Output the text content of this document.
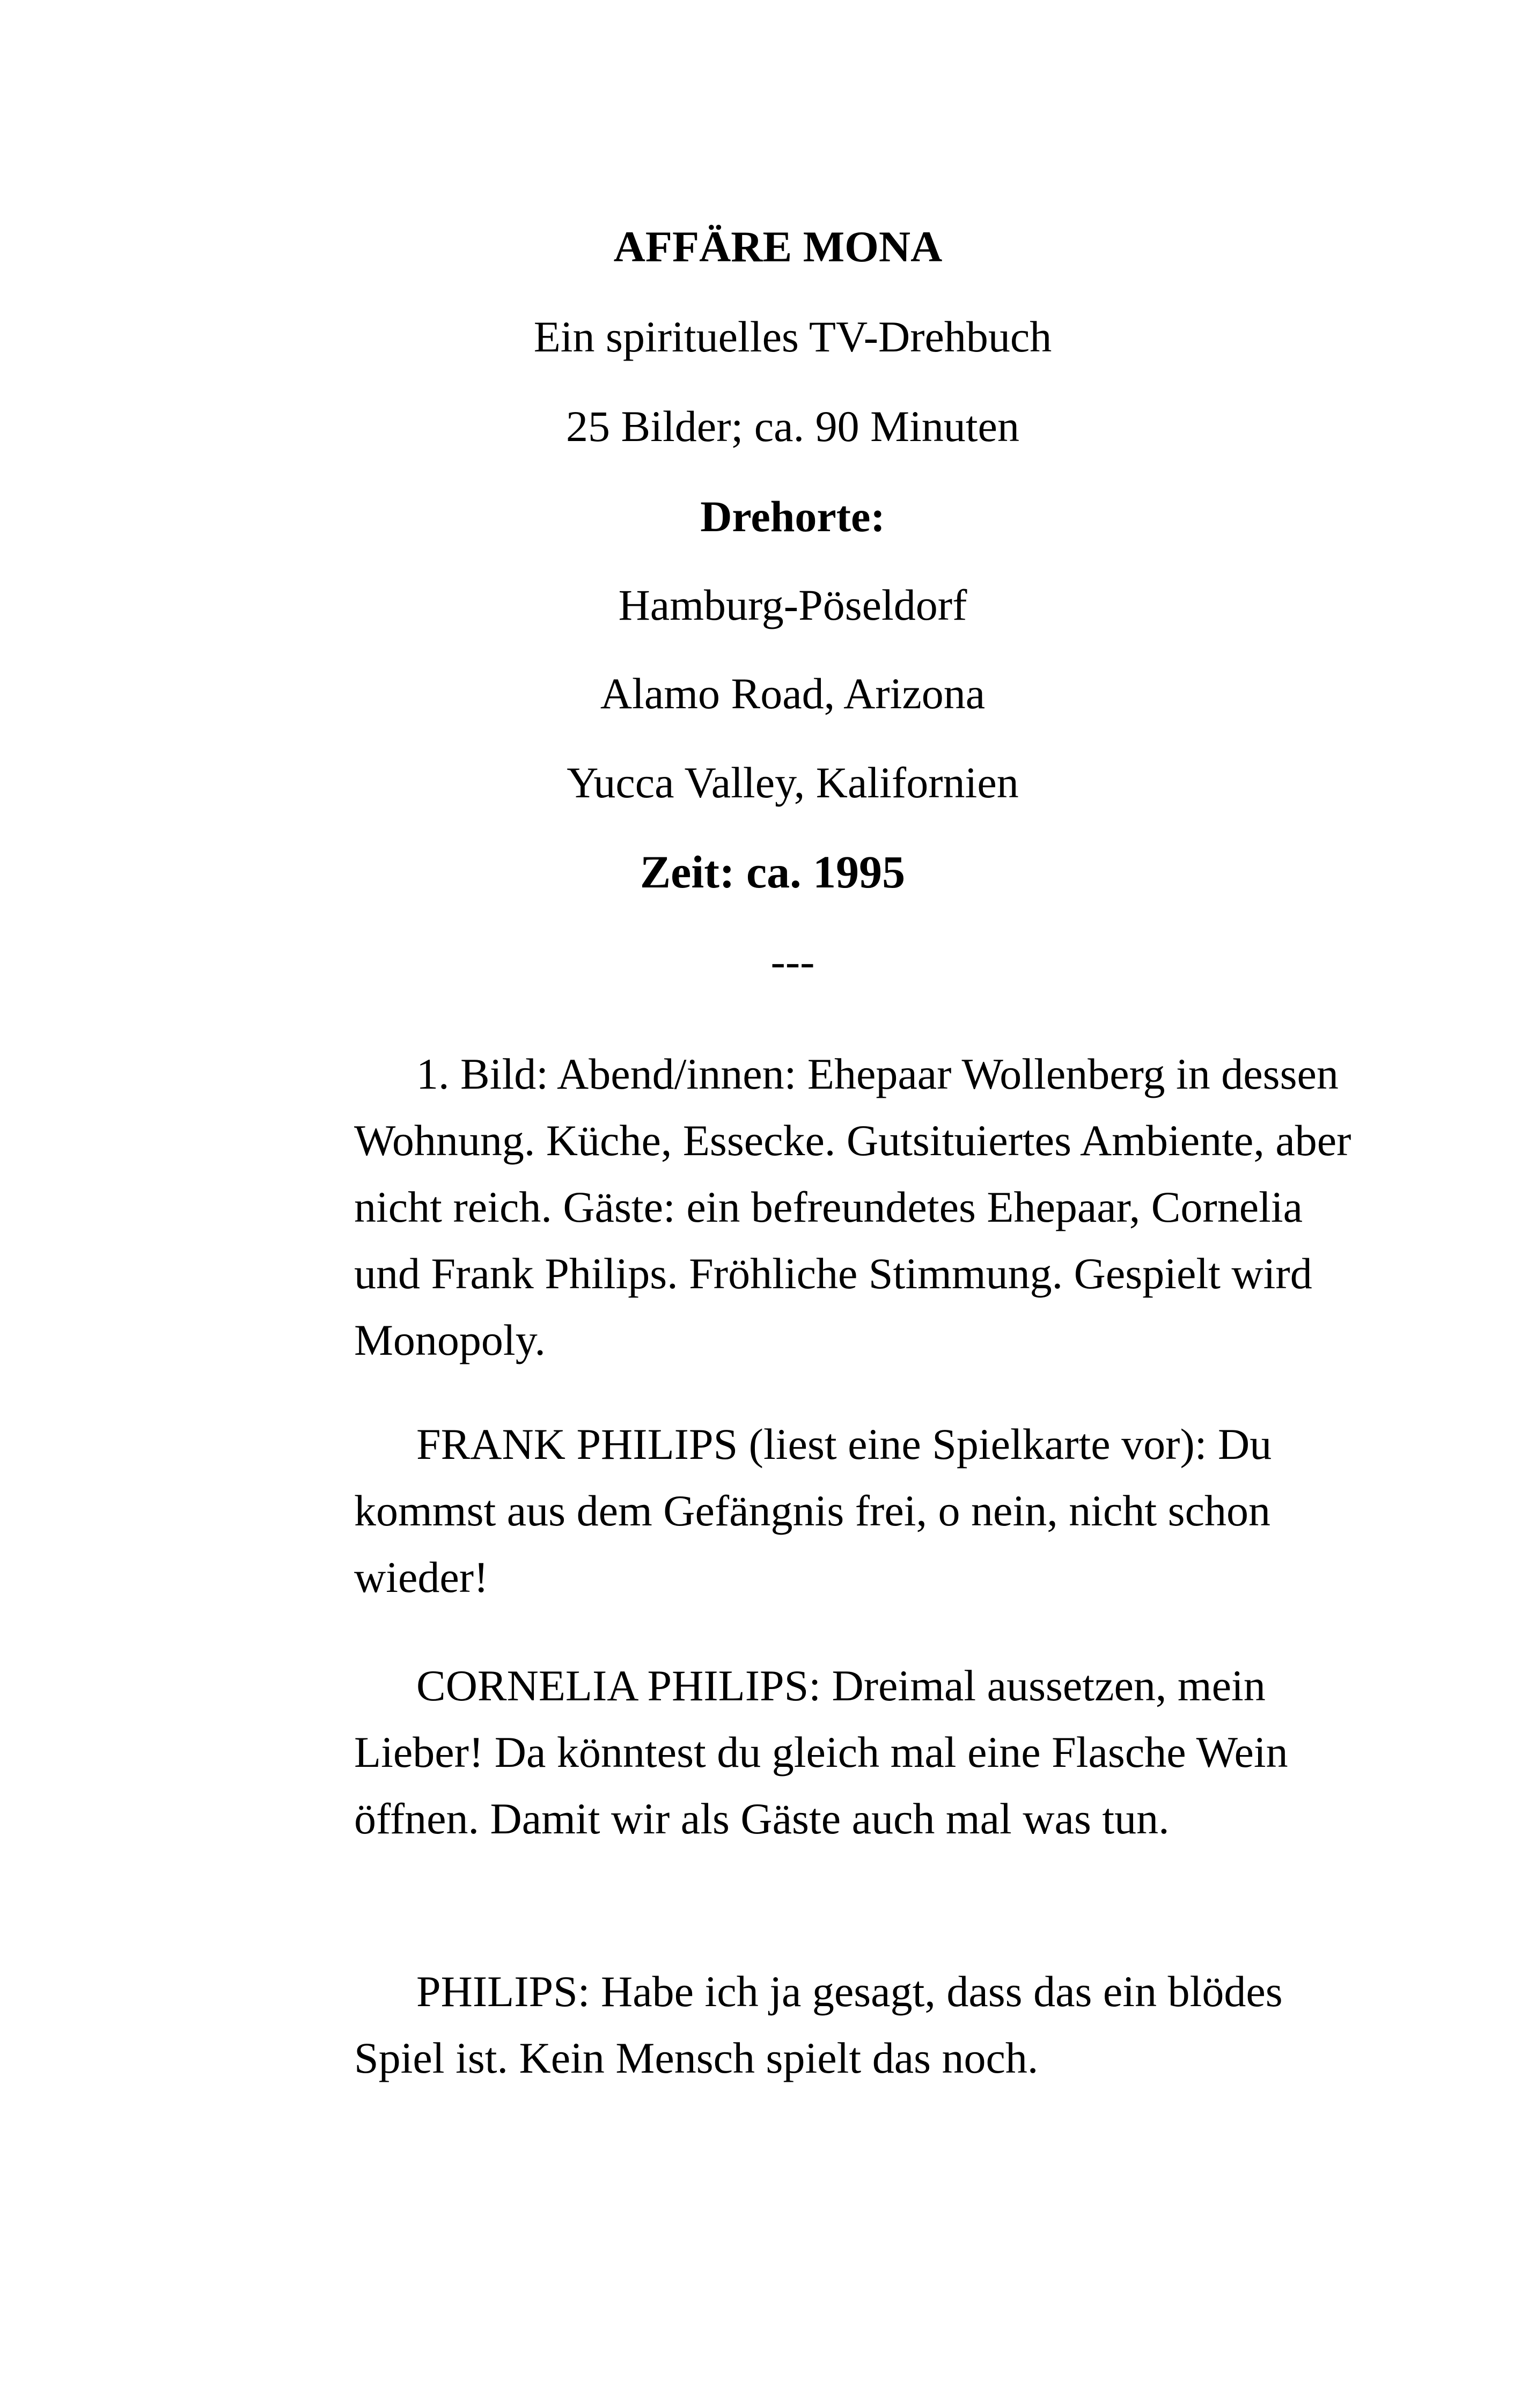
AFFÄRE MONA
Ein spirituelles TV-Drehbuch
25 Bilder; ca. 90 Minuten
Drehorte:
Hamburg-Pöseldorf
Alamo Road, Arizona
Yucca Valley, Kalifornien
Zeit: ca. 1995
---

1. Bild: Abend/innen: Ehepaar Wollenberg in dessen Wohnung. Küche, Essecke. Gutsituiertes Ambiente, aber nicht reich. Gäste: ein befreundetes Ehepaar, Cornelia und Frank Philips. Fröhliche Stimmung. Gespielt wird Monopoly.

FRANK PHILIPS (liest eine Spielkarte vor): Du kommst aus dem Gefängnis frei, o nein, nicht schon wieder!

CORNELIA PHILIPS: Dreimal aussetzen, mein Lieber! Da könntest du gleich mal eine Flasche Wein öffnen. Damit wir als Gäste auch mal was tun.

PHILIPS: Habe ich ja gesagt, dass das ein blödes Spiel ist. Kein Mensch spielt das noch.
